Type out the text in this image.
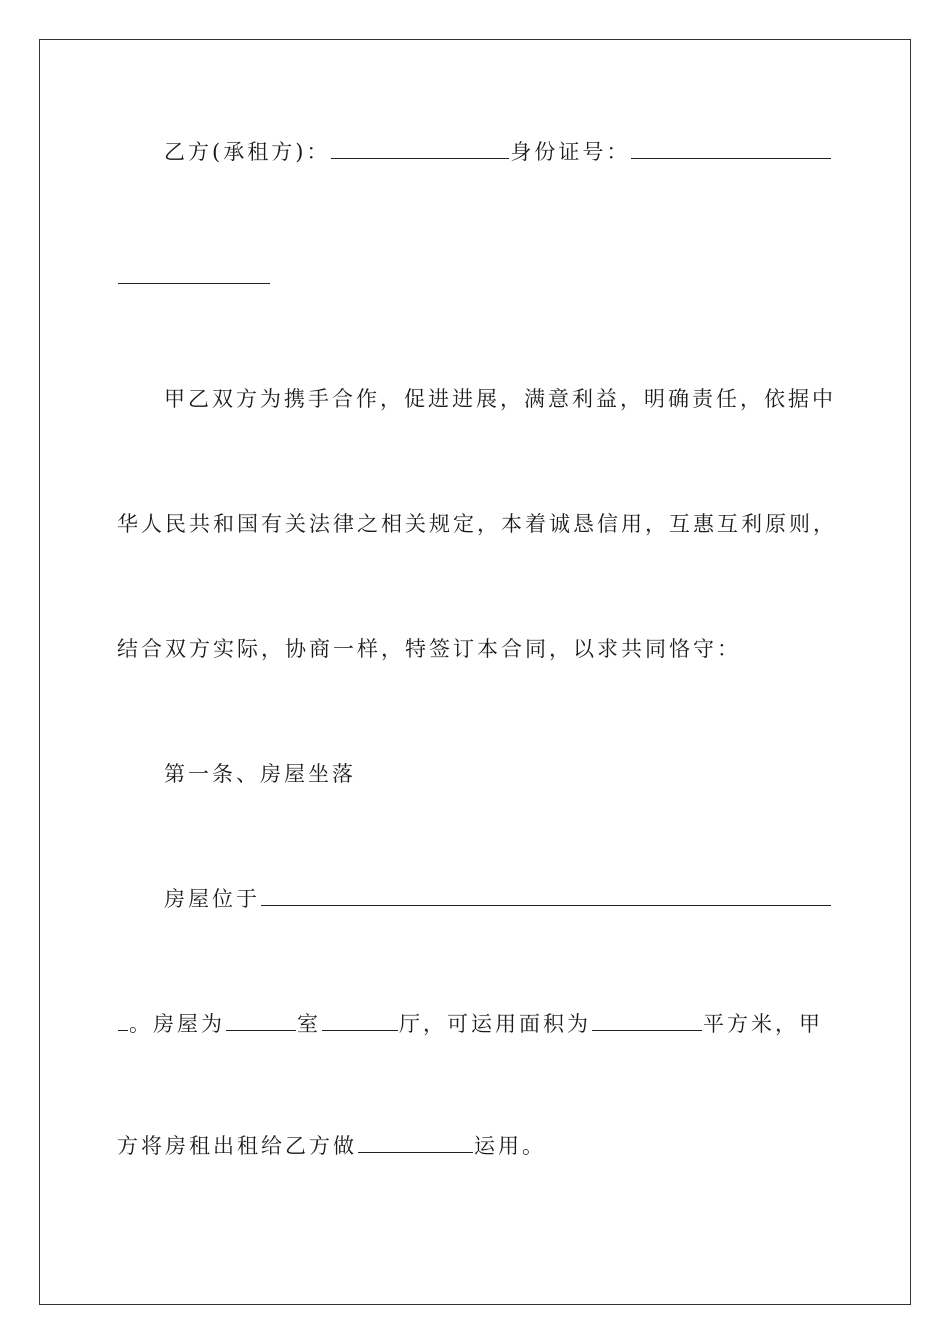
乙方(承租方)：	身份证号：
甲乙双方为携手合作，促进进展，满意利益，明确责任，依据中
华人民共和国有关法律之相关规定，本着诚恳信用，互惠互利原则，
结合双方实际，协商一样，特签订本合同，以求共同恪守：
第一条、房屋坐落
房屋位于
。房屋为	室	厅，可运用面积为	平方米，甲
方将房租出租给乙方做	运用。
